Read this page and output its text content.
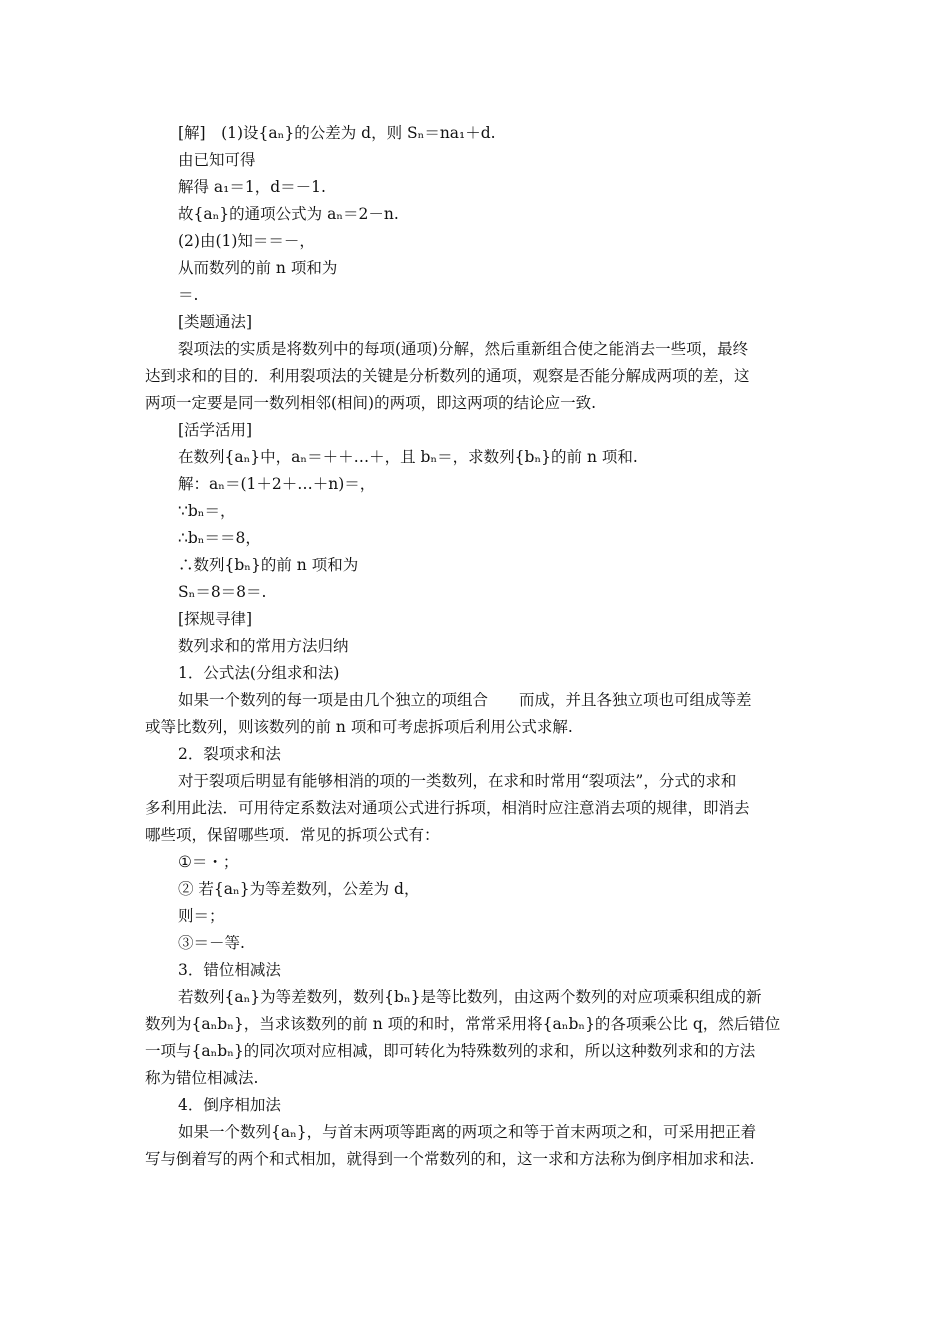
[解]　(1)设{aₙ}的公差为 d，则 Sₙ＝na₁＋d.
由已知可得
解得 a₁＝1，d＝－1.
故{aₙ}的通项公式为 aₙ＝2－n.
(2)由(1)知＝＝－，
从而数列的前 n 项和为
＝.
[类题通法]
裂项法的实质是将数列中的每项(通项)分解，然后重新组合使之能消去一些项，最终
达到求和的目的．利用裂项法的关键是分析数列的通项，观察是否能分解成两项的差，这
两项一定要是同一数列相邻(相间)的两项，即这两项的结论应一致.
[活学活用]
在数列{aₙ}中，aₙ＝＋＋…＋，且 bₙ＝，求数列{bₙ}的前 n 项和.
解：aₙ＝(1＋2＋…＋n)＝，
∵bₙ＝，
∴bₙ＝＝8，
∴数列{bₙ}的前 n 项和为
Sₙ＝8＝8＝.
[探规寻律]
数列求和的常用方法归纳
1．公式法(分组求和法)
如果一个数列的每一项是由几个独立的项组合　　而成，并且各独立项也可组成等差
或等比数列，则该数列的前 n 项和可考虑拆项后利用公式求解.
2．裂项求和法
对于裂项后明显有能够相消的项的一类数列，在求和时常用“裂项法”，分式的求和
多利用此法．可用待定系数法对通项公式进行拆项，相消时应注意消去项的规律，即消去
哪些项，保留哪些项．常见的拆项公式有：
①＝・；
② 若{aₙ}为等差数列，公差为 d，
则＝；
③＝－等.
3．错位相减法
若数列{aₙ}为等差数列，数列{bₙ}是等比数列，由这两个数列的对应项乘积组成的新
数列为{aₙbₙ}，当求该数列的前 n 项的和时，常常采用将{aₙbₙ}的各项乘公比 q，然后错位
一项与{aₙbₙ}的同次项对应相减，即可转化为特殊数列的求和，所以这种数列求和的方法
称为错位相减法.
4．倒序相加法
如果一个数列{aₙ}，与首末两项等距离的两项之和等于首末两项之和，可采用把正着
写与倒着写的两个和式相加，就得到一个常数列的和，这一求和方法称为倒序相加求和法.
